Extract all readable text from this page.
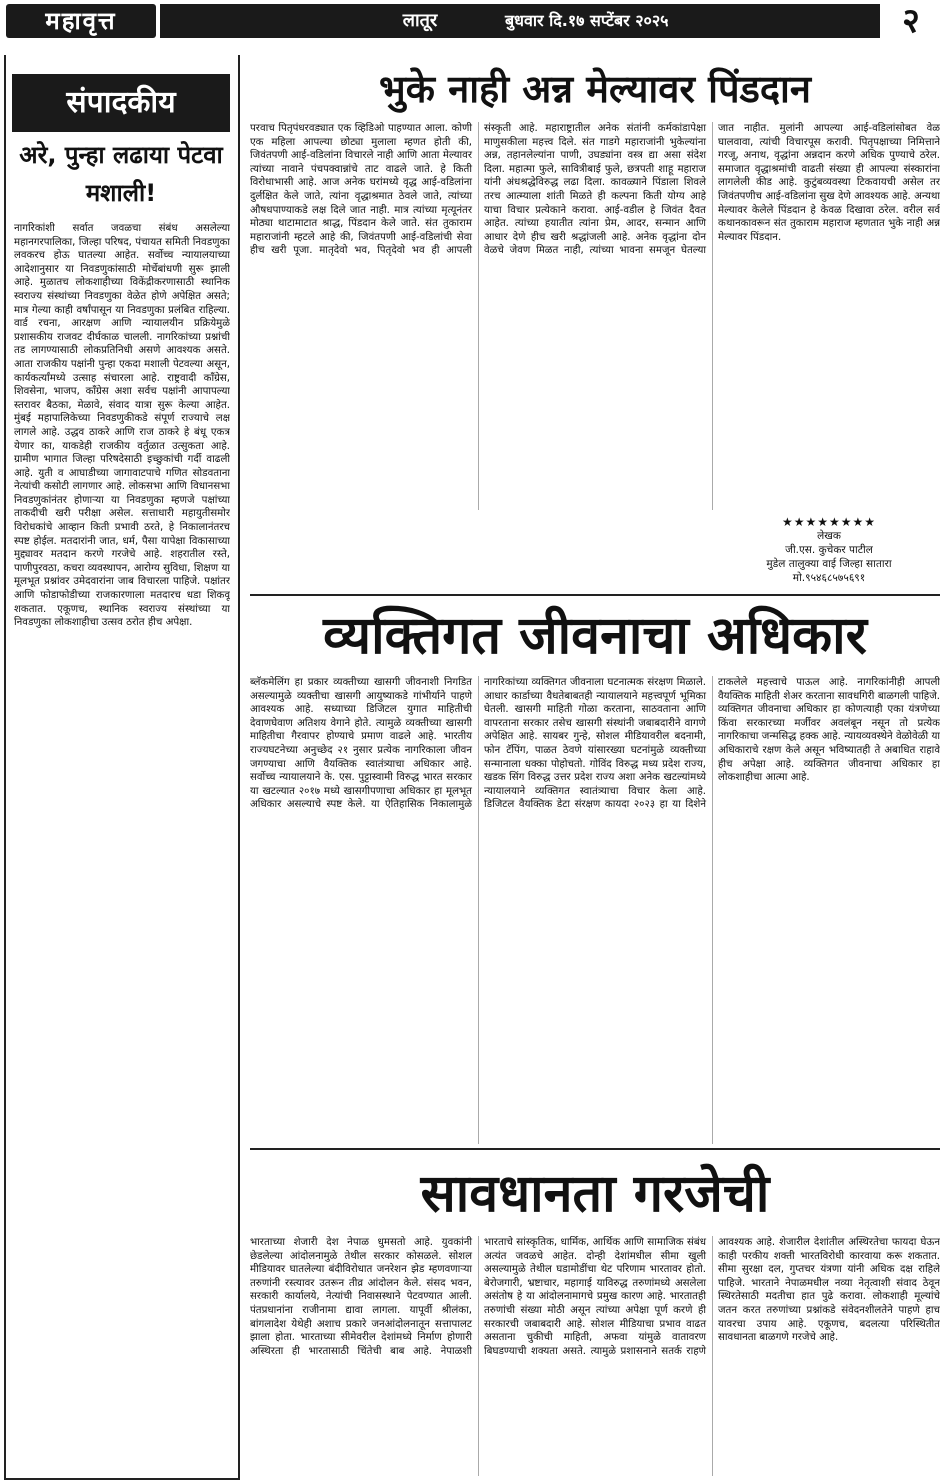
महावृत्त	लातूर	बुधवार दि.१७ सप्टेंबर २०२५	२
संपादकीय
अरे, पुन्हा लढाया पेटवा मशाली!
नागरिकांशी सर्वात जवळचा संबंध असलेल्या महानगरपालिका, जिल्हा परिषद, पंचायत समिती निवडणुका लवकरच होऊ घातल्या आहेत. सर्वोच्च न्यायालयाच्या आदेशानुसार या निवडणुकांसाठी मोर्चेबांधणी सुरू झाली आहे. मुळातच लोकशाहीच्या विकेंद्रीकरणासाठी स्थानिक स्वराज्य संस्थांच्या निवडणुका वेळेत होणे अपेक्षित असते; मात्र गेल्या काही वर्षांपासून या निवडणुका प्रलंबित राहिल्या. वार्ड रचना, आरक्षण आणि न्यायालयीन प्रक्रियेमुळे प्रशासकीय राजवट दीर्घकाळ चालली. नागरिकांच्या प्रश्नांची तड लागण्यासाठी लोकप्रतिनिधी असणे आवश्यक असते. आता राजकीय पक्षांनी पुन्हा एकदा मशाली पेटवल्या असून, कार्यकर्त्यांमध्ये उत्साह संचारला आहे. राष्ट्रवादी काँग्रेस, शिवसेना, भाजप, काँग्रेस अशा सर्वच पक्षांनी आपापल्या स्तरावर बैठका, मेळावे, संवाद यात्रा सुरू केल्या आहेत. मुंबई महापालिकेच्या निवडणुकीकडे संपूर्ण राज्याचे लक्ष लागले आहे. उद्धव ठाकरे आणि राज ठाकरे हे बंधू एकत्र येणार का, याकडेही राजकीय वर्तुळात उत्सुकता आहे. ग्रामीण भागात जिल्हा परिषदेसाठी इच्छुकांची गर्दी वाढली आहे. युती व आघाडीच्या जागावाटपाचे गणित सोडवताना नेत्यांची कसोटी लागणार आहे. लोकसभा आणि विधानसभा निवडणुकांनंतर होणाऱ्या या निवडणुका म्हणजे पक्षांच्या ताकदीची खरी परीक्षा असेल. सत्ताधारी महायुतीसमोर विरोधकांचे आव्हान किती प्रभावी ठरते, हे निकालानंतरच स्पष्ट होईल. मतदारांनी जात, धर्म, पैसा यापेक्षा विकासाच्या मुद्द्यावर मतदान करणे गरजेचे आहे. शहरातील रस्ते, पाणीपुरवठा, कचरा व्यवस्थापन, आरोग्य सुविधा, शिक्षण या मूलभूत प्रश्नांवर उमेदवारांना जाब विचारला पाहिजे. पक्षांतर आणि फोडाफोडीच्या राजकारणाला मतदारच धडा शिकवू शकतात. एकूणच, स्थानिक स्वराज्य संस्थांच्या या निवडणुका लोकशाहीचा उत्सव ठरोत हीच अपेक्षा.
भुके नाही अन्न मेल्यावर पिंडदान
परवाच पितृपंधरवड्यात एक व्हिडिओ पाहण्यात आला. कोणी एक महिला आपल्या छोट्या मुलाला म्हणत होती की, जिवंतपणी आई-वडिलांना विचारले नाही आणि आता मेल्यावर त्यांच्या नावाने पंचपक्वान्नांचे ताट वाढले जाते. हे किती विरोधाभासी आहे. आज अनेक घरांमध्ये वृद्ध आई-वडिलांना दुर्लक्षित केले जाते, त्यांना वृद्धाश्रमात ठेवले जाते, त्यांच्या औषधपाण्याकडे लक्ष दिले जात नाही. मात्र त्यांच्या मृत्यूनंतर मोठ्या थाटामाटात श्राद्ध, पिंडदान केले जाते. संत तुकाराम महाराजांनी म्हटले आहे की, जिवंतपणी आई-वडिलांची सेवा हीच खरी पूजा. मातृदेवो भव, पितृदेवो भव ही आपली संस्कृती आहे. महाराष्ट्रातील अनेक संतांनी कर्मकांडापेक्षा माणुसकीला महत्त्व दिले. संत गाडगे महाराजांनी भुकेल्यांना अन्न, तहानलेल्यांना पाणी, उघड्यांना वस्त्र द्या असा संदेश दिला. महात्मा फुले, सावित्रीबाई फुले, छत्रपती शाहू महाराज यांनी अंधश्रद्धेविरुद्ध लढा दिला. कावळ्याने पिंडाला शिवले तरच आत्म्याला शांती मिळते ही कल्पना किती योग्य आहे याचा विचार प्रत्येकाने करावा. आई-वडील हे जिवंत दैवत आहेत. त्यांच्या हयातीत त्यांना प्रेम, आदर, सन्मान आणि आधार देणे हीच खरी श्रद्धांजली आहे. अनेक वृद्धांना दोन वेळचे जेवण मिळत नाही, त्यांच्या भावना समजून घेतल्या जात नाहीत. मुलांनी आपल्या आई-वडिलांसोबत वेळ घालवावा, त्यांची विचारपूस करावी. पितृपक्षाच्या निमित्ताने गरजू, अनाथ, वृद्धांना अन्नदान करणे अधिक पुण्याचे ठरेल. समाजात वृद्धाश्रमांची वाढती संख्या ही आपल्या संस्कारांना लागलेली कीड आहे. कुटुंबव्यवस्था टिकवायची असेल तर जिवंतपणीच आई-वडिलांना सुख देणे आवश्यक आहे. अन्यथा मेल्यावर केलेले पिंडदान हे केवळ दिखावा ठरेल. वरील सर्व कथानकावरून संत तुकाराम महाराज म्हणतात भुके नाही अन्न मेल्यावर पिंडदान.
★★★★★★★★
लेखक
जी.एस. कुचेकर पाटील
मुडेल तालुक्या वाई जिल्हा सातारा
मो.९५४६८५७५६९१
व्यक्तिगत जीवनाचा अधिकार
ब्लॅकमेलिंग हा प्रकार व्यक्तीच्या खासगी जीवनाशी निगडित असल्यामुळे व्यक्तीचा खासगी आयुष्याकडे गांभीर्याने पाहणे आवश्यक आहे. सध्याच्या डिजिटल युगात माहितीची देवाणघेवाण अतिशय वेगाने होते. त्यामुळे व्यक्तीच्या खासगी माहितीचा गैरवापर होण्याचे प्रमाण वाढले आहे. भारतीय राज्यघटनेच्या अनुच्छेद २१ नुसार प्रत्येक नागरिकाला जीवन जगण्याचा आणि वैयक्तिक स्वातंत्र्याचा अधिकार आहे. सर्वोच्च न्यायालयाने के. एस. पुट्टास्वामी विरुद्ध भारत सरकार या खटल्यात २०१७ मध्ये खासगीपणाचा अधिकार हा मूलभूत अधिकार असल्याचे स्पष्ट केले. या ऐतिहासिक निकालामुळे नागरिकांच्या व्यक्तिगत जीवनाला घटनात्मक संरक्षण मिळाले. आधार कार्डाच्या वैधतेबाबतही न्यायालयाने महत्त्वपूर्ण भूमिका घेतली. खासगी माहिती गोळा करताना, साठवताना आणि वापरताना सरकार तसेच खासगी संस्थांनी जबाबदारीने वागणे अपेक्षित आहे. सायबर गुन्हे, सोशल मीडियावरील बदनामी, फोन टॅपिंग, पाळत ठेवणे यांसारख्या घटनांमुळे व्यक्तीच्या सन्मानाला धक्का पोहोचतो. गोविंद विरुद्ध मध्य प्रदेश राज्य, खडक सिंग विरुद्ध उत्तर प्रदेश राज्य अशा अनेक खटल्यांमध्ये न्यायालयाने व्यक्तिगत स्वातंत्र्याचा विचार केला आहे. डिजिटल वैयक्तिक डेटा संरक्षण कायदा २०२३ हा या दिशेने टाकलेले महत्त्वाचे पाऊल आहे. नागरिकांनीही आपली वैयक्तिक माहिती शेअर करताना सावधगिरी बाळगली पाहिजे. व्यक्तिगत जीवनाचा अधिकार हा कोणत्याही एका यंत्रणेच्या किंवा सरकारच्या मर्जीवर अवलंबून नसून तो प्रत्येक नागरिकाचा जन्मसिद्ध हक्क आहे. न्यायव्यवस्थेने वेळोवेळी या अधिकाराचे रक्षण केले असून भविष्यातही ते अबाधित राहावे हीच अपेक्षा आहे. व्यक्तिगत जीवनाचा अधिकार हा लोकशाहीचा आत्मा आहे.
सावधानता गरजेची
भारताच्या शेजारी देश नेपाळ धुमसतो आहे. युवकांनी छेडलेल्या आंदोलनामुळे तेथील सरकार कोसळले. सोशल मीडियावर घातलेल्या बंदीविरोधात जनरेशन झेड म्हणवणाऱ्या तरुणांनी रस्त्यावर उतरून तीव्र आंदोलन केले. संसद भवन, सरकारी कार्यालये, नेत्यांची निवासस्थाने पेटवण्यात आली. पंतप्रधानांना राजीनामा द्यावा लागला. यापूर्वी श्रीलंका, बांगलादेश येथेही अशाच प्रकारे जनआंदोलनातून सत्तापालट झाला होता. भारताच्या सीमेवरील देशांमध्ये निर्माण होणारी अस्थिरता ही भारतासाठी चिंतेची बाब आहे. नेपाळशी भारताचे सांस्कृतिक, धार्मिक, आर्थिक आणि सामाजिक संबंध अत्यंत जवळचे आहेत. दोन्ही देशांमधील सीमा खुली असल्यामुळे तेथील घडामोडींचा थेट परिणाम भारतावर होतो. बेरोजगारी, भ्रष्टाचार, महागाई याविरुद्ध तरुणांमध्ये असलेला असंतोष हे या आंदोलनामागचे प्रमुख कारण आहे. भारतातही तरुणांची संख्या मोठी असून त्यांच्या अपेक्षा पूर्ण करणे ही सरकारची जबाबदारी आहे. सोशल मीडियाचा प्रभाव वाढत असताना चुकीची माहिती, अफवा यांमुळे वातावरण बिघडण्याची शक्यता असते. त्यामुळे प्रशासनाने सतर्क राहणे आवश्यक आहे. शेजारील देशांतील अस्थिरतेचा फायदा घेऊन काही परकीय शक्ती भारतविरोधी कारवाया करू शकतात. सीमा सुरक्षा दल, गुप्तचर यंत्रणा यांनी अधिक दक्ष राहिले पाहिजे. भारताने नेपाळमधील नव्या नेतृत्वाशी संवाद ठेवून स्थिरतेसाठी मदतीचा हात पुढे करावा. लोकशाही मूल्यांचे जतन करत तरुणांच्या प्रश्नांकडे संवेदनशीलतेने पाहणे हाच यावरचा उपाय आहे. एकूणच, बदलत्या परिस्थितीत सावधानता बाळगणे गरजेचे आहे.
